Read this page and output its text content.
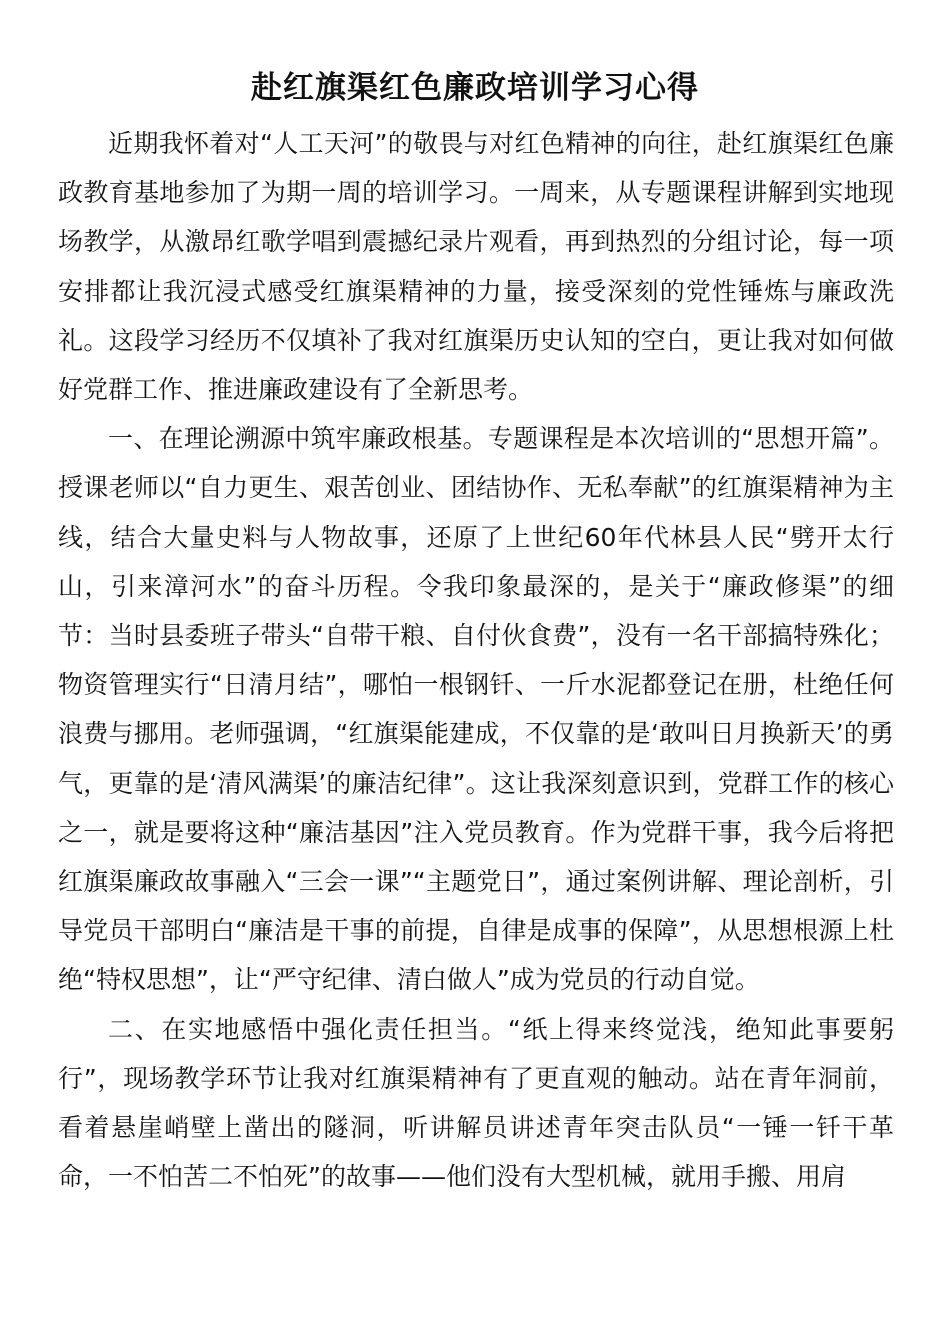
赴红旗渠红色廉政培训学习心得

近期我怀着对“人工天河”的敬畏与对红色精神的向往，赴红旗渠红色廉政教育基地参加了为期一周的培训学习。一周来，从专题课程讲解到实地现场教学，从激昂红歌学唱到震撼纪录片观看，再到热烈的分组讨论，每一项安排都让我沉浸式感受红旗渠精神的力量，接受深刻的党性锤炼与廉政洗礼。这段学习经历不仅填补了我对红旗渠历史认知的空白，更让我对如何做好党群工作、推进廉政建设有了全新思考。

一、在理论溯源中筑牢廉政根基。专题课程是本次培训的“思想开篇”。授课老师以“自力更生、艰苦创业、团结协作、无私奉献”的红旗渠精神为主线，结合大量史料与人物故事，还原了上世纪60年代林县人民“劈开太行山，引来漳河水”的奋斗历程。令我印象最深的，是关于“廉政修渠”的细节：当时县委班子带头“自带干粮、自付伙食费”，没有一名干部搞特殊化；物资管理实行“日清月结”，哪怕一根钢钎、一斤水泥都登记在册，杜绝任何浪费与挪用。老师强调，“红旗渠能建成，不仅靠的是‘敢叫日月换新天’的勇气，更靠的是‘清风满渠’的廉洁纪律”。这让我深刻意识到，党群工作的核心之一，就是要将这种“廉洁基因”注入党员教育。作为党群干事，我今后将把红旗渠廉政故事融入“三会一课”“主题党日”，通过案例讲解、理论剖析，引导党员干部明白“廉洁是干事的前提，自律是成事的保障”，从思想根源上杜绝“特权思想”，让“严守纪律、清白做人”成为党员的行动自觉。

二、在实地感悟中强化责任担当。“纸上得来终觉浅，绝知此事要躬行”，现场教学环节让我对红旗渠精神有了更直观的触动。站在青年洞前，看着悬崖峭壁上凿出的隧洞，听讲解员讲述青年突击队员“一锤一钎干革命，一不怕苦二不怕死”的故事——他们没有大型机械，就用手搬、用肩
